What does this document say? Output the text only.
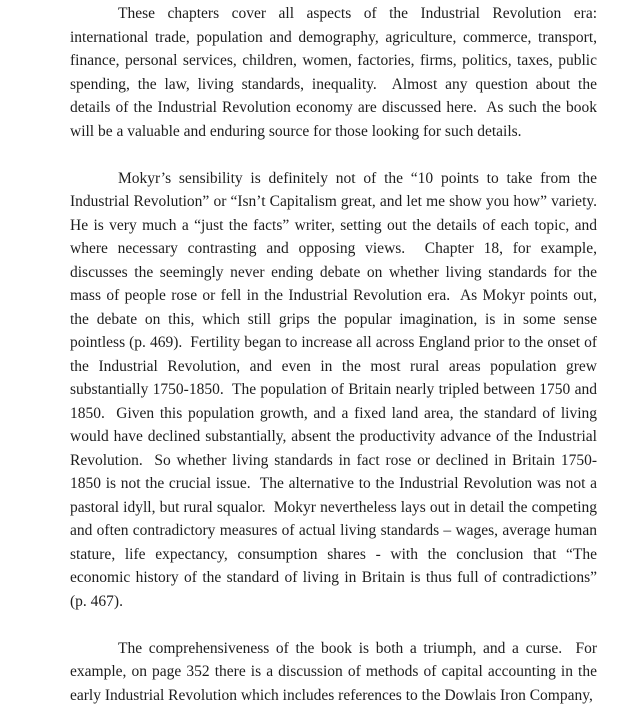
These chapters cover all aspects of the Industrial Revolution era: international trade, population and demography, agriculture, commerce, transport, finance, personal services, children, women, factories, firms, politics, taxes, public spending, the law, living standards, inequality.  Almost any question about the details of the Industrial Revolution economy are discussed here.  As such the book will be a valuable and enduring source for those looking for such details.

Mokyr’s sensibility is definitely not of the “10 points to take from the Industrial Revolution” or “Isn’t Capitalism great, and let me show you how” variety.  He is very much a “just the facts” writer, setting out the details of each topic, and where necessary contrasting and opposing views.  Chapter 18, for example, discusses the seemingly never ending debate on whether living standards for the mass of people rose or fell in the Industrial Revolution era.  As Mokyr points out, the debate on this, which still grips the popular imagination, is in some sense pointless (p. 469).  Fertility began to increase all across England prior to the onset of the Industrial Revolution, and even in the most rural areas population grew substantially 1750-1850.  The population of Britain nearly tripled between 1750 and 1850.  Given this population growth, and a fixed land area, the standard of living would have declined substantially, absent the productivity advance of the Industrial Revolution.  So whether living standards in fact rose or declined in Britain 1750-1850 is not the crucial issue.  The alternative to the Industrial Revolution was not a pastoral idyll, but rural squalor.  Mokyr nevertheless lays out in detail the competing and often contradictory measures of actual living standards – wages, average human stature, life expectancy, consumption shares - with the conclusion that “The economic history of the standard of living in Britain is thus full of contradictions” (p. 467).

The comprehensiveness of the book is both a triumph, and a curse.  For example, on page 352 there is a discussion of methods of capital accounting in the early Industrial Revolution which includes references to the Dowlais Iron Company,
